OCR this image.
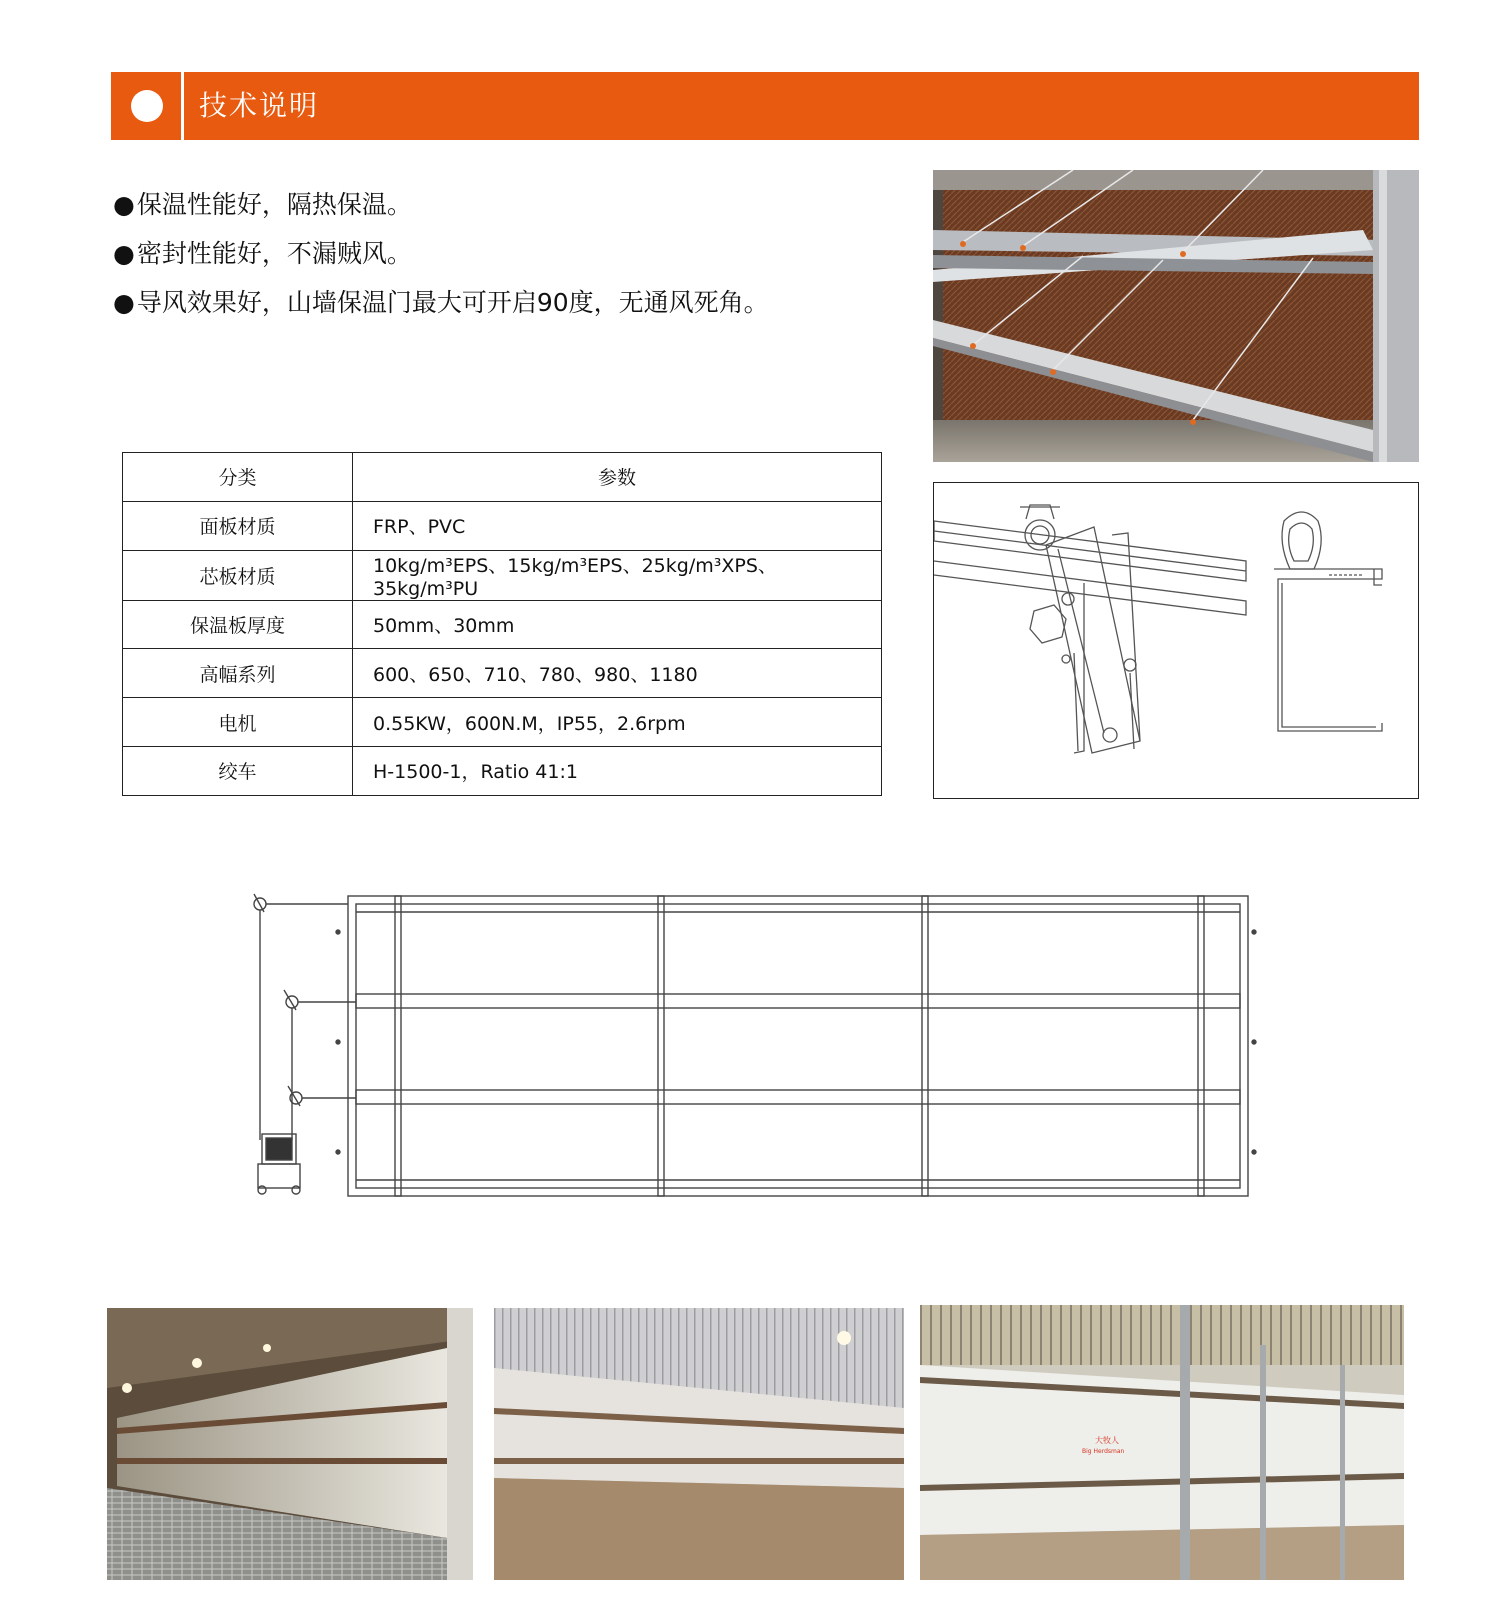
技术说明
● 保温性能好，隔热保温。
● 密封性能好，不漏贼风。
● 导风效果好，山墙保温门最大可开启90度，无通风死角。
分类	参数
面板材质	FRP、PVC
芯板材质	10kg/m³EPS、15kg/m³EPS、25kg/m³XPS、35kg/m³PU
保温板厚度	50mm、30mm
高幅系列	600、650、710、780、980、1180
电机	0.55KW，600N.M，IP55，2.6rpm
绞车	H-1500-1，Ratio 41:1
大牧人
Big Herdsman
